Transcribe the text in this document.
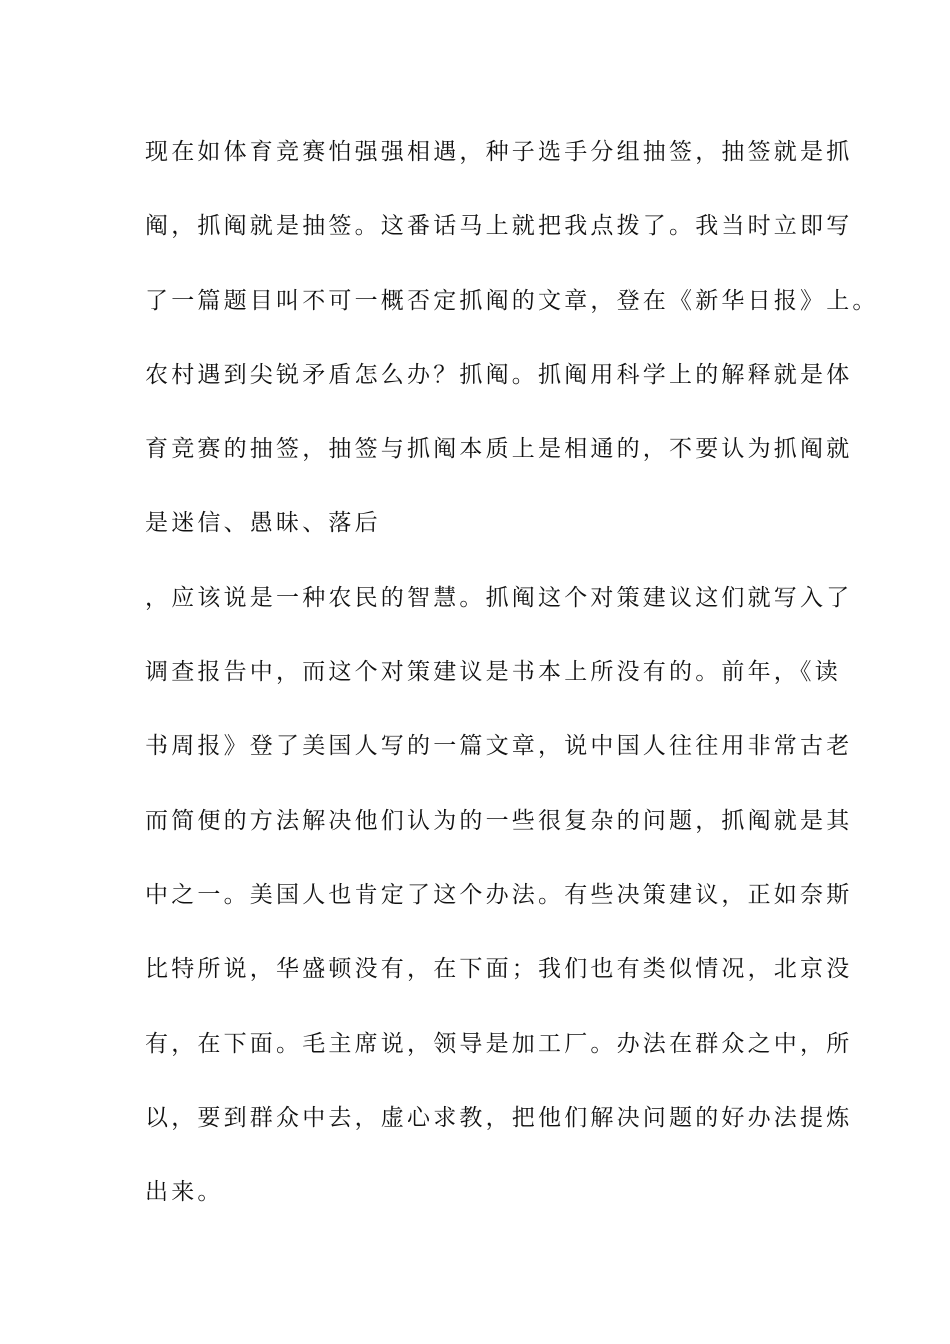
现在如体育竞赛怕强强相遇，种子选手分组抽签，抽签就是抓
阄，抓阄就是抽签。这番话马上就把我点拨了。我当时立即写
了一篇题目叫不可一概否定抓阄的文章，登在《新华日报》上。
农村遇到尖锐矛盾怎么办？抓阄。抓阄用科学上的解释就是体
育竞赛的抽签，抽签与抓阄本质上是相通的，不要认为抓阄就
是迷信、愚昧、落后
，应该说是一种农民的智慧。抓阄这个对策建议这们就写入了
调查报告中，而这个对策建议是书本上所没有的。前年，《读
书周报》登了美国人写的一篇文章，说中国人往往用非常古老
而简便的方法解决他们认为的一些很复杂的问题，抓阄就是其
中之一。美国人也肯定了这个办法。有些决策建议，正如奈斯
比特所说，华盛顿没有，在下面；我们也有类似情况，北京没
有，在下面。毛主席说，领导是加工厂。办法在群众之中，所
以，要到群众中去，虚心求教，把他们解决问题的好办法提炼
出来。
